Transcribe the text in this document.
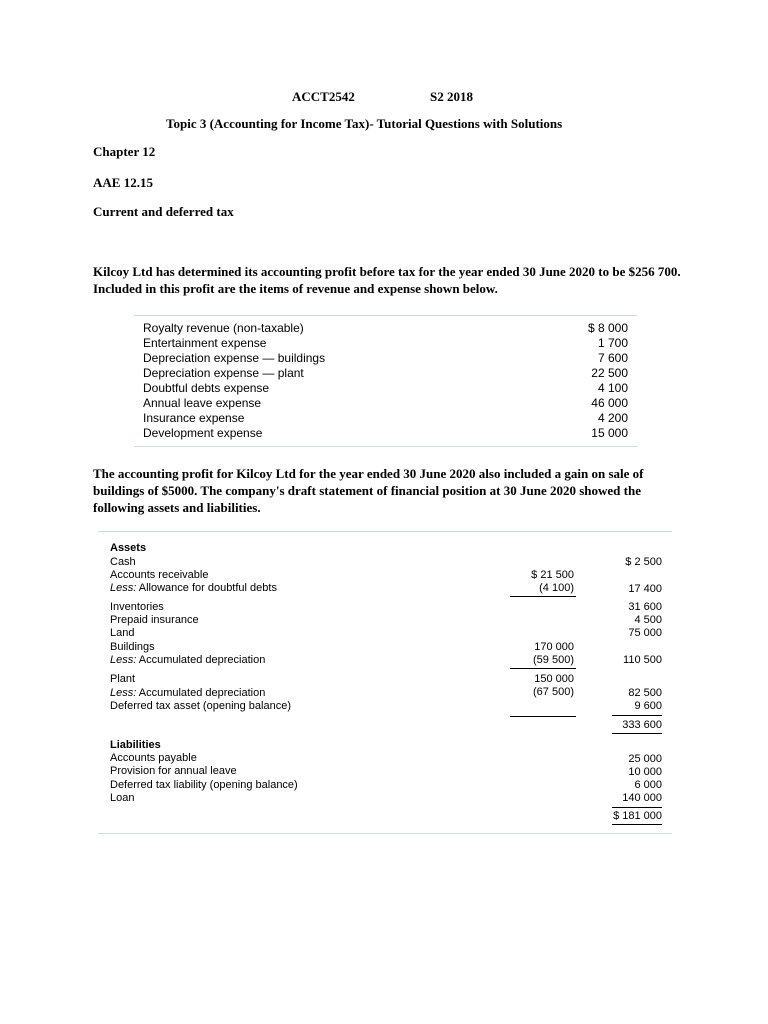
ACCT2542	S2 2018
Topic 3 (Accounting for Income Tax)- Tutorial Questions with Solutions
Chapter 12
AAE 12.15
Current and deferred tax
Kilcoy Ltd has determined its accounting profit before tax for the year ended 30 June 2020 to be $256 700. Included in this profit are the items of revenue and expense shown below.
Royalty revenue (non-taxable)	$ 8 000
Entertainment expense	1 700
Depreciation expense — buildings	7 600
Depreciation expense — plant	22 500
Doubtful debts expense	4 100
Annual leave expense	46 000
Insurance expense	4 200
Development expense	15 000
The accounting profit for Kilcoy Ltd for the year ended 30 June 2020 also included a gain on sale of buildings of $5000. The company's draft statement of financial position at 30 June 2020 showed the following assets and liabilities.
Assets
Cash	$ 2 500
Accounts receivable	$ 21 500
Less: Allowance for doubtful debts	(4 100)	17 400
Inventories	31 600
Prepaid insurance	4 500
Land	75 000
Buildings	170 000
Less: Accumulated depreciation	(59 500)	110 500
Plant	150 000
Less: Accumulated depreciation	(67 500)	82 500
Deferred tax asset (opening balance)	9 600
333 600
Liabilities
Accounts payable	25 000
Provision for annual leave	10 000
Deferred tax liability (opening balance)	6 000
Loan	140 000
$ 181 000
